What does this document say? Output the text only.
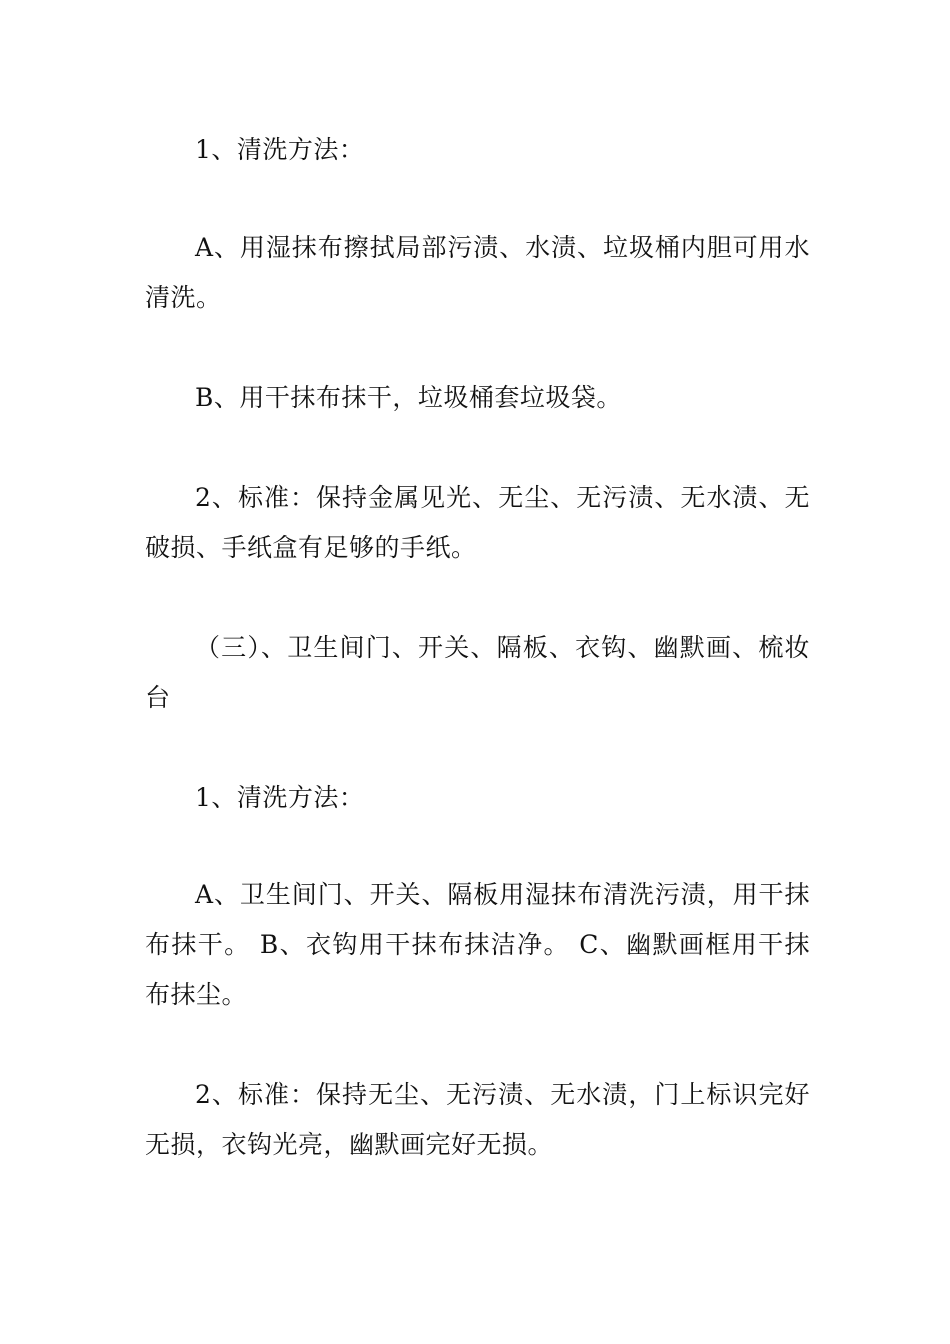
1、清洗方法：

A、用湿抹布擦拭局部污渍、水渍、垃圾桶内胆可用水清洗。

B、用干抹布抹干，垃圾桶套垃圾袋。

2、标准：保持金属见光、无尘、无污渍、无水渍、无破损、手纸盒有足够的手纸。

（三）、卫生间门、开关、隔板、衣钩、幽默画、梳妆台

1、清洗方法：

A、卫生间门、开关、隔板用湿抹布清洗污渍，用干抹布抹干。 B、衣钩用干抹布抹洁净。 C、幽默画框用干抹布抹尘。

2、标准：保持无尘、无污渍、无水渍，门上标识完好无损，衣钩光亮，幽默画完好无损。
